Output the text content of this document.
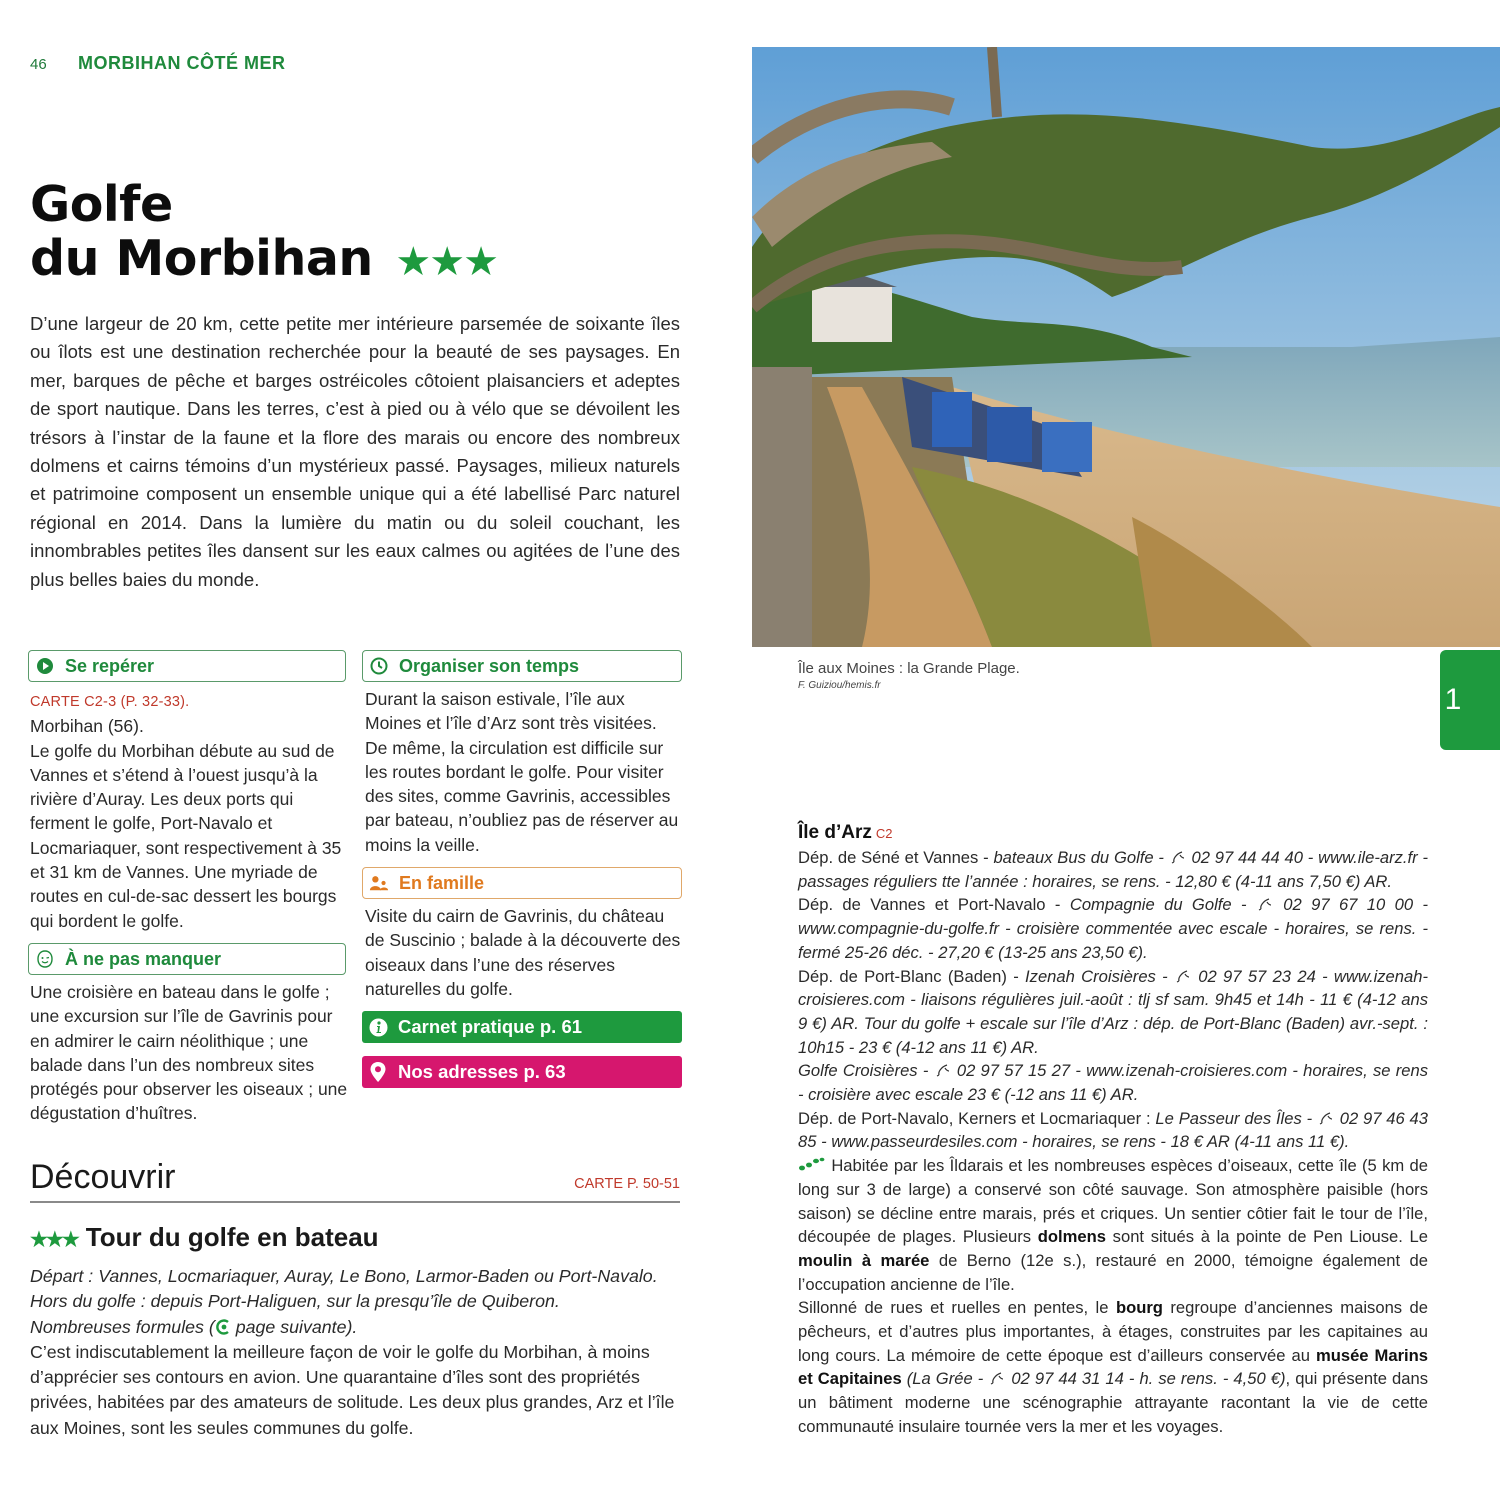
46	MORBIHAN CÔTÉ MER
Golfe
du Morbihan ★★★

D’une largeur de 20 km, cette petite mer intérieure parsemée de soixante îles ou îlots est une destination recherchée pour la beauté de ses paysages. En mer, barques de pêche et barges ostréicoles côtoient plaisanciers et adeptes de sport nautique. Dans les terres, c’est à pied ou à vélo que se dévoilent les trésors à l’instar de la faune et la flore des marais ou encore des nombreux dolmens et cairns témoins d’un mystérieux passé. Paysages, milieux naturels et patrimoine composent un ensemble unique qui a été labellisé Parc naturel régional en 2014. Dans la lumière du matin ou du soleil couchant, les innombrables petites îles dansent sur les eaux calmes ou agitées de l’une des plus belles baies du monde.

Se repérer
CARTE C2-3 (P. 32-33).
Morbihan (56).
Le golfe du Morbihan débute au sud de Vannes et s’étend à l’ouest jusqu’à la rivière d’Auray. Les deux ports qui ferment le golfe, Port-Navalo et Locmariaquer, sont respectivement à 35 et 31 km de Vannes. Une myriade de routes en cul-de-sac dessert les bourgs qui bordent le golfe.
À ne pas manquer
Une croisière en bateau dans le golfe ; une excursion sur l’île de Gavrinis pour en admirer le cairn néolithique ; une balade dans l’un des nombreux sites protégés pour observer les oiseaux ; une dégustation d’huîtres.
Organiser son temps
Durant la saison estivale, l’île aux Moines et l’île d’Arz sont très visitées. De même, la circulation est difficile sur les routes bordant le golfe. Pour visiter des sites, comme Gavrinis, accessibles par bateau, n’oubliez pas de réserver au moins la veille.
En famille
Visite du cairn de Gavrinis, du château de Suscinio ; balade à la découverte des oiseaux dans l’une des réserves naturelles du golfe.
Carnet pratique p. 61
Nos adresses p. 63
Découvrir	CARTE P. 50-51
★★★ Tour du golfe en bateau
Départ : Vannes, Locmariaquer, Auray, Le Bono, Larmor-Baden ou Port-Navalo.
Hors du golfe : depuis Port-Haliguen, sur la presqu’île de Quiberon.
Nombreuses formules ( page suivante).
C’est indiscutablement la meilleure façon de voir le golfe du Morbihan, à moins d’apprécier ses contours en avion. Une quarantaine d’îles sont des propriétés privées, habitées par des amateurs de solitude. Les deux plus grandes, Arz et l’île aux Moines, sont les seules communes du golfe.
Île aux Moines : la Grande Plage.
F. Guiziou/hemis.fr	1
Île d’Arz C2
Dép. de Séné et Vannes - bateaux Bus du Golfe -  02 97 44 44 40 - www.ile-arz.fr - passages réguliers tte l’année : horaires, se rens. - 12,80 € (4-11 ans 7,50 €) AR.
Dép. de Vannes et Port-Navalo - Compagnie du Golfe -  02 97 67 10 00 - www.compagnie-du-golfe.fr - croisière commentée avec escale - horaires, se rens. - fermé 25-26 déc. - 27,20 € (13-25 ans 23,50 €).
Dép. de Port-Blanc (Baden) - Izenah Croisières -  02 97 57 23 24 - www.izenah-croisieres.com - liaisons régulières juil.-août : tlj sf sam. 9h45 et 14h - 11 € (4-12 ans 9 €) AR. Tour du golfe + escale sur l’île d’Arz : dép. de Port-Blanc (Baden) avr.-sept. : 10h15 - 23 € (4-12 ans 11 €) AR.
Golfe Croisières -  02 97 57 15 27 - www.izenah-croisieres.com - horaires, se rens - croisière avec escale 23 € (-12 ans 11 €) AR.
Dép. de Port-Navalo, Kerners et Locmariaquer : Le Passeur des Îles -  02 97 46 43 85 - www.passeurdesiles.com - horaires, se rens - 18 € AR (4-11 ans 11 €).
Habitée par les Îldarais et les nombreuses espèces d’oiseaux, cette île (5 km de long sur 3 de large) a conservé son côté sauvage. Son atmosphère paisible (hors saison) se décline entre marais, prés et criques. Un sentier côtier fait le tour de l’île, découpée de plages. Plusieurs dolmens sont situés à la pointe de Pen Liouse. Le moulin à marée de Berno (12e s.), restauré en 2000, témoigne également de l’occupation ancienne de l’île.
Sillonné de rues et ruelles en pentes, le bourg regroupe d’anciennes maisons de pêcheurs, et d’autres plus importantes, à étages, construites par les capitaines au long cours. La mémoire de cette époque est d’ailleurs conservée au musée Marins et Capitaines (La Grée -  02 97 44 31 14 - h. se rens. - 4,50 €), qui présente dans un bâtiment moderne une scénographie attrayante racontant la vie de cette communauté insulaire tournée vers la mer et les voyages.
